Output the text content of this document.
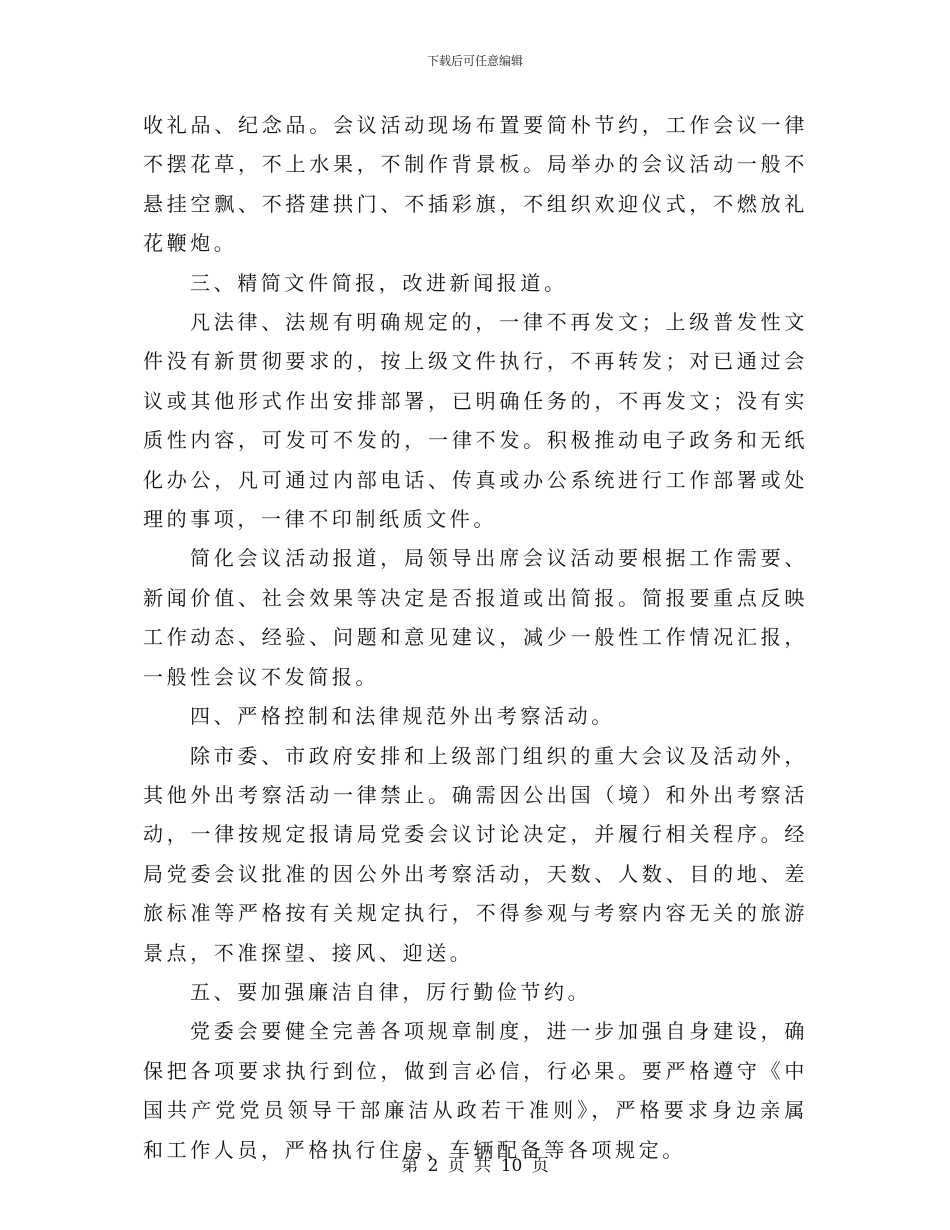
下载后可任意编辑

收礼品、纪念品。会议活动现场布置要简朴节约，工作会议一律不摆花草，不上水果，不制作背景板。局举办的会议活动一般不悬挂空飘、不搭建拱门、不插彩旗，不组织欢迎仪式，不燃放礼花鞭炮。

三、精简文件简报，改进新闻报道。

凡法律、法规有明确规定的，一律不再发文；上级普发性文件没有新贯彻要求的，按上级文件执行，不再转发；对已通过会议或其他形式作出安排部署，已明确任务的，不再发文；没有实质性内容，可发可不发的，一律不发。积极推动电子政务和无纸化办公，凡可通过内部电话、传真或办公系统进行工作部署或处理的事项，一律不印制纸质文件。

简化会议活动报道，局领导出席会议活动要根据工作需要、新闻价值、社会效果等决定是否报道或出简报。简报要重点反映工作动态、经验、问题和意见建议，减少一般性工作情况汇报，一般性会议不发简报。

四、严格控制和法律规范外出考察活动。

除市委、市政府安排和上级部门组织的重大会议及活动外，其他外出考察活动一律禁止。确需因公出国（境）和外出考察活动，一律按规定报请局党委会议讨论决定，并履行相关程序。经局党委会议批准的因公外出考察活动，天数、人数、目的地、差旅标准等严格按有关规定执行，不得参观与考察内容无关的旅游景点，不准探望、接风、迎送。

五、要加强廉洁自律，厉行勤俭节约。

党委会要健全完善各项规章制度，进一步加强自身建设，确保把各项要求执行到位，做到言必信，行必果。要严格遵守《中国共产党党员领导干部廉洁从政若干准则》，严格要求身边亲属和工作人员，严格执行住房、车辆配备等各项规定。

第 2 页 共 10 页
